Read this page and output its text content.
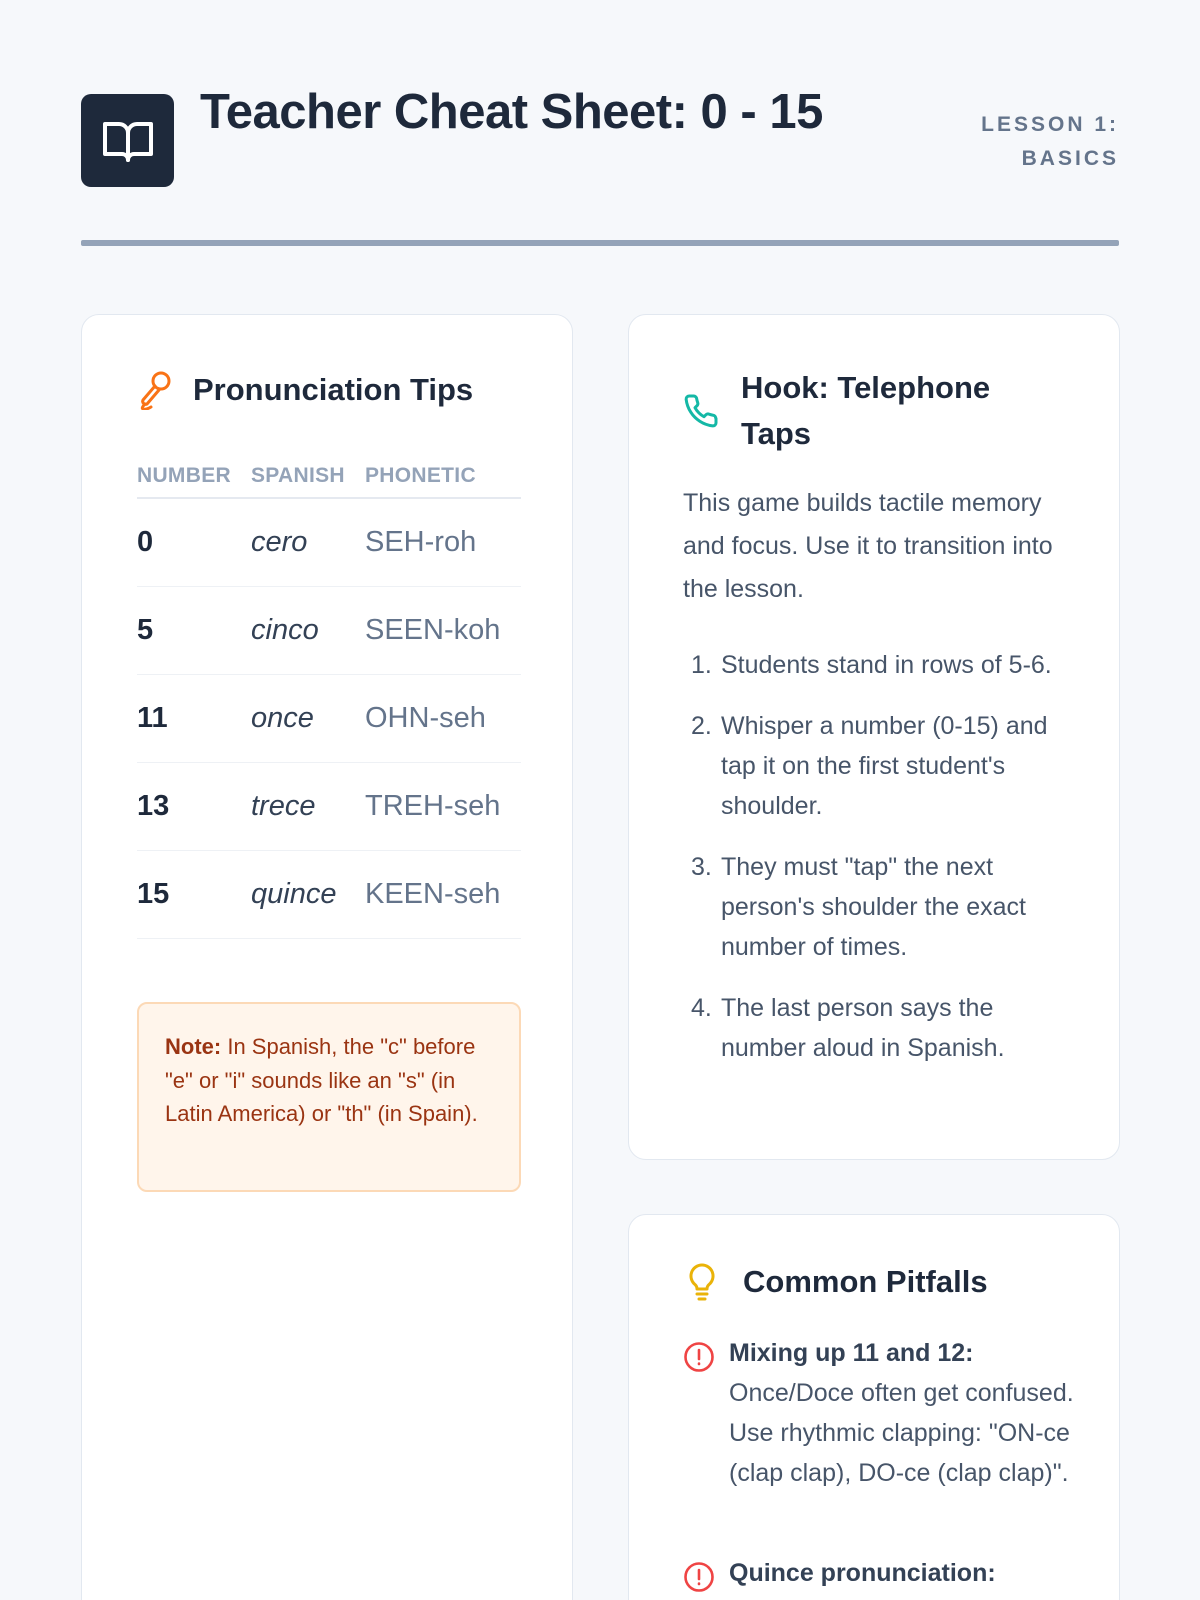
Teacher Cheat Sheet: 0 - 15	LESSON 1:
BASICS
Pronunciation Tips
NUMBER SPANISH PHONETIC
0	cero	SEH-roh
5	cinco	SEEN-koh
11	once	OHN-seh
13	trece	TREH-seh
15	quince KEEN-seh
Note: In Spanish, the "c" before "e" or "i" sounds like an "s" (in Latin America) or "th" (in Spain).
Hook: Telephone
Taps

This game builds tactile memory and focus. Use it to transition into the lesson.

1. Students stand in rows of 5-6.
2. Whisper a number (0-15) and tap it on the first student's shoulder.
3. They must "tap" the next person's shoulder the exact number of times.
4. The last person says the number aloud in Spanish.
Common Pitfalls
Mixing up 11 and 12: Once/Doce often get confused. Use rhythmic clapping: "ON-ce (clap clap), DO-ce (clap clap)".
Quince pronunciation:
